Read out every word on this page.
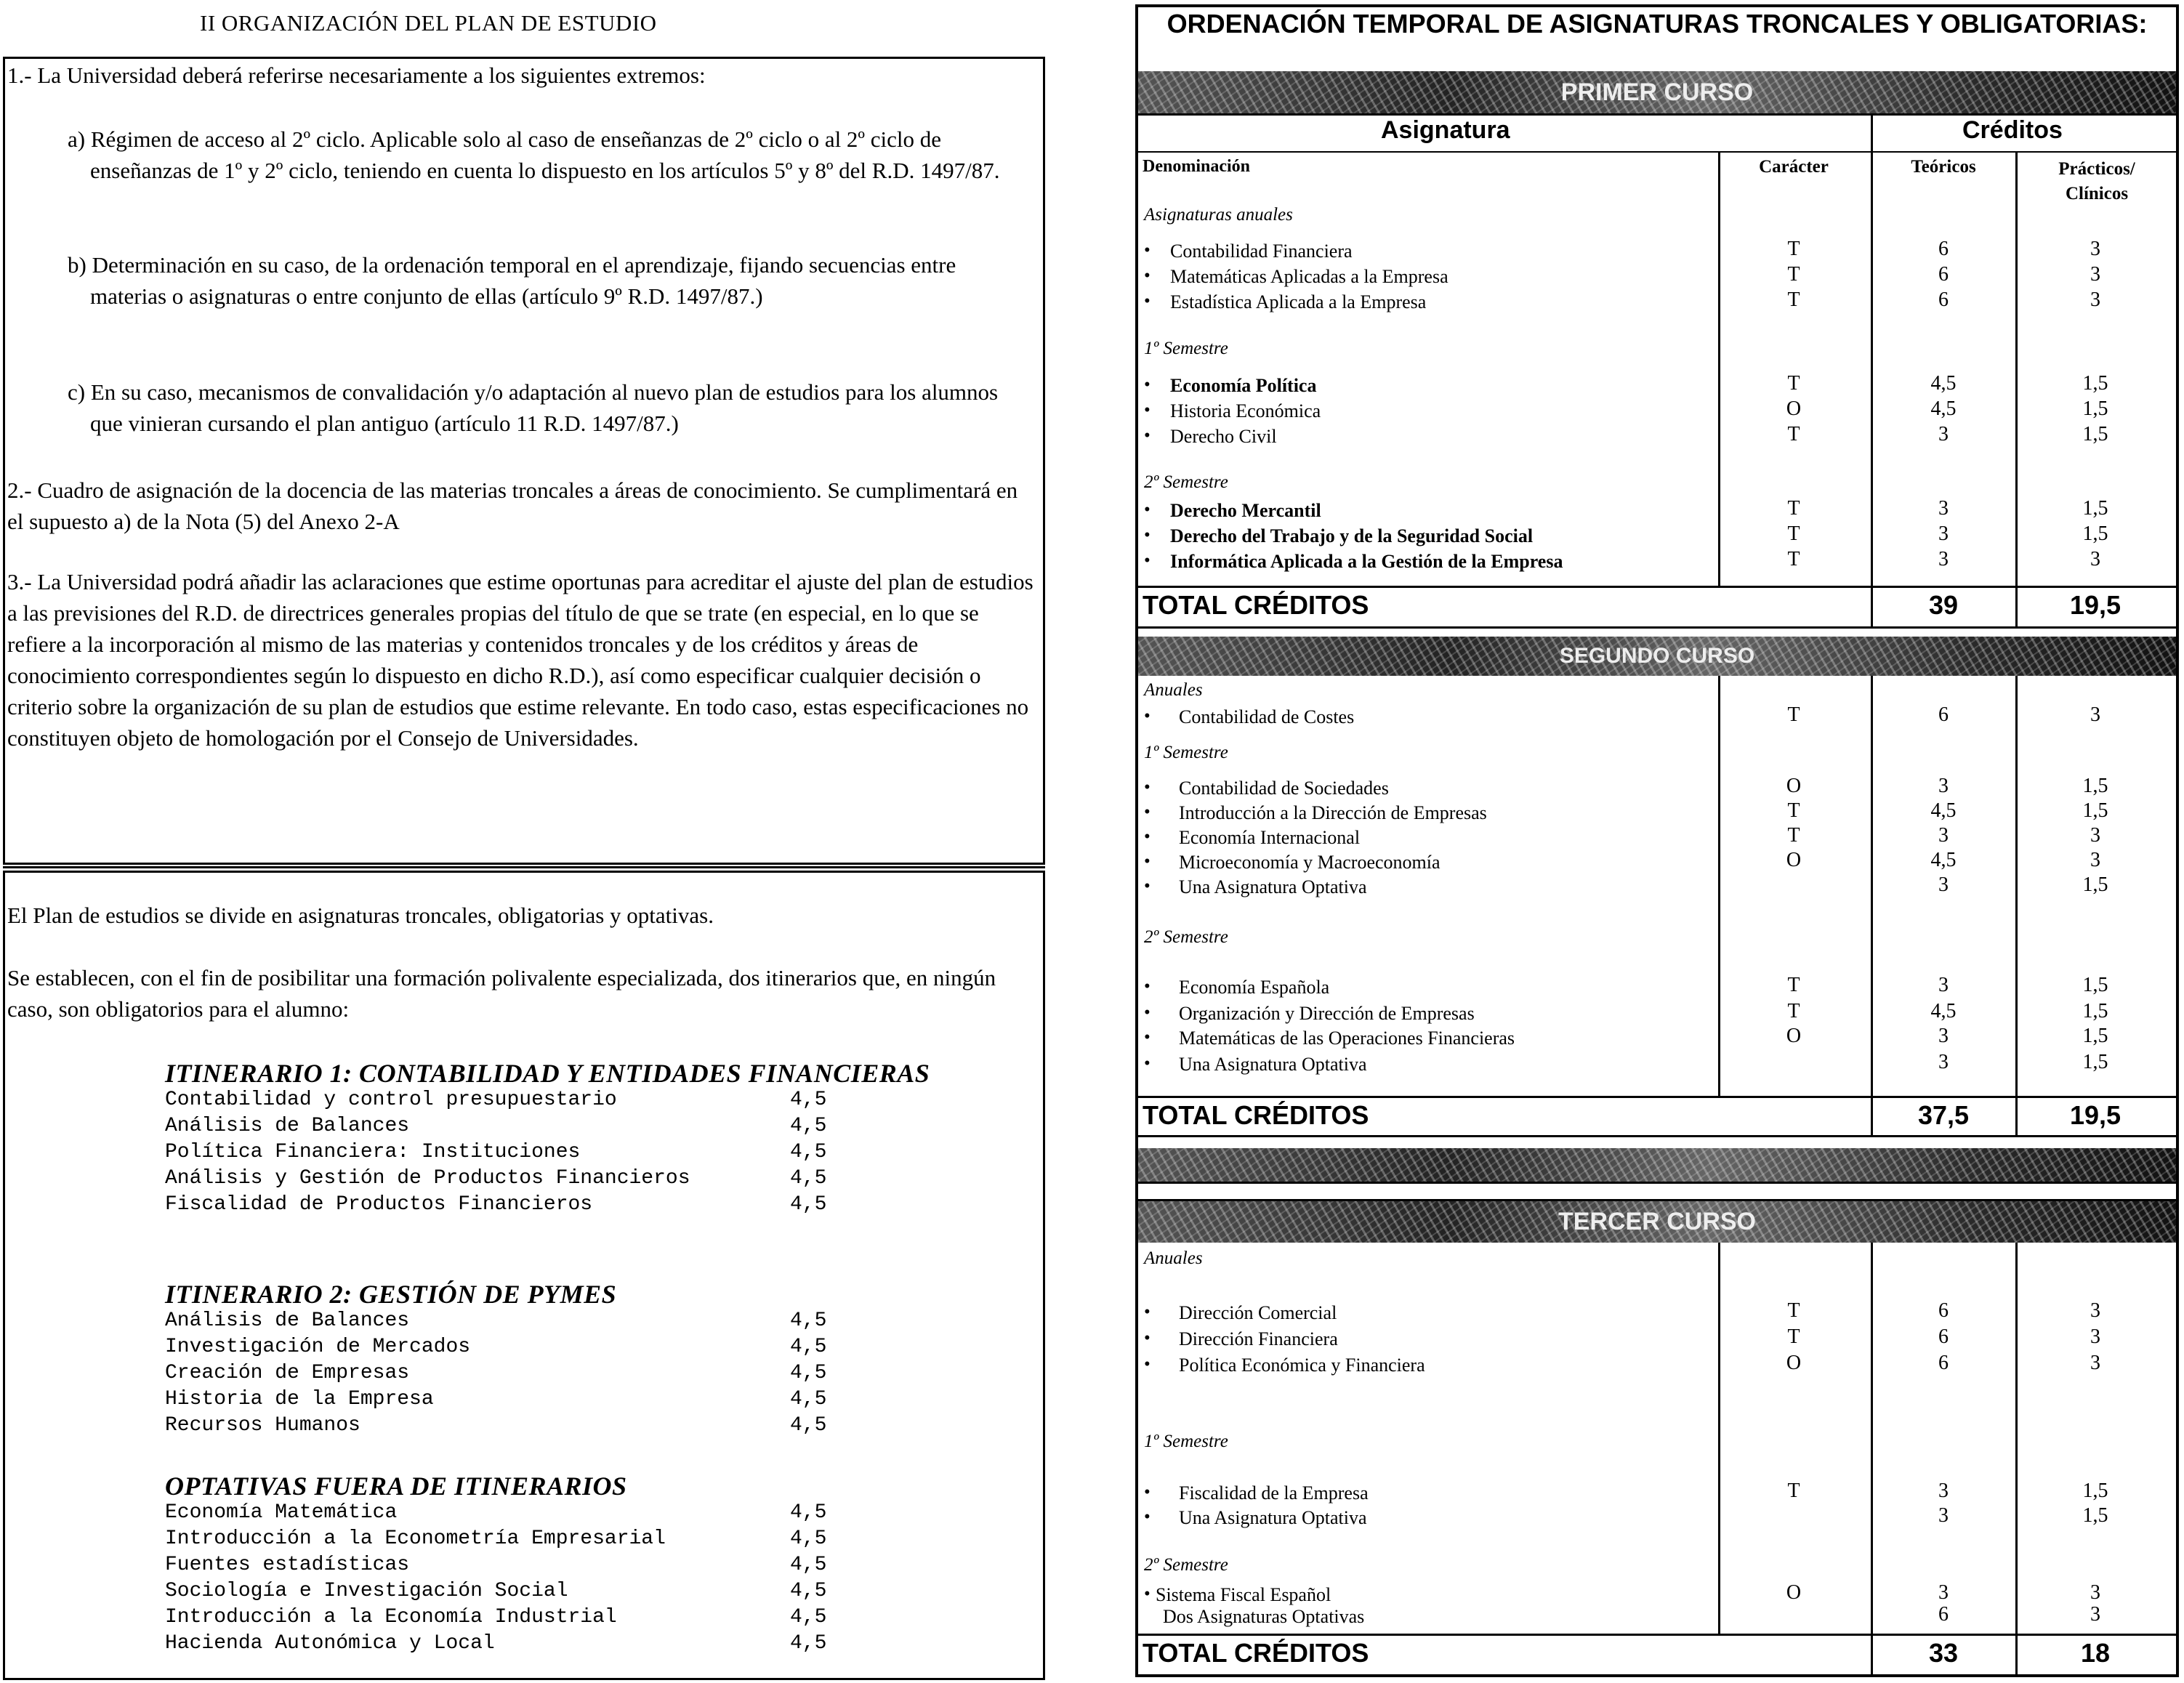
II ORGANIZACIÓN DEL PLAN DE ESTUDIO
1.- La Universidad deberá referirse necesariamente a los siguientes extremos:
a) Régimen de acceso al 2º ciclo. Aplicable solo al caso de enseñanzas de 2º ciclo o al 2º ciclo de enseñanzas de 1º y 2º ciclo, teniendo en cuenta lo dispuesto en los artículos 5º y 8º del R.D. 1497/87.
b) Determinación en su caso, de la ordenación temporal en el aprendizaje, fijando secuencias entre materias o asignaturas o entre conjunto de ellas (artículo 9º R.D. 1497/87.)
c) En su caso, mecanismos de convalidación y/o adaptación al nuevo plan de estudios para los alumnos que vinieran cursando el plan antiguo (artículo 11 R.D. 1497/87.)
2.- Cuadro de asignación de la docencia de las materias troncales a áreas de conocimiento. Se cumplimentará en el supuesto a) de la Nota (5) del Anexo 2-A
3.- La Universidad podrá añadir las aclaraciones que estime oportunas para acreditar el ajuste del plan de estudios a las previsiones del R.D. de directrices generales propias del título de que se trate (en especial, en lo que se refiere a la incorporación al mismo de las materias y contenidos troncales y de los créditos y áreas de conocimiento correspondientes según lo dispuesto en dicho R.D.), así como especificar cualquier decisión o criterio sobre la organización de su plan de estudios que estime relevante. En todo caso, estas especificaciones no constituyen objeto de homologación por el Consejo de Universidades.
El Plan de estudios se divide en asignaturas troncales, obligatorias y optativas.
Se establecen, con el fin de posibilitar una formación polivalente especializada, dos itinerarios que, en ningún caso, son obligatorios para el alumno:
ITINERARIO 1: CONTABILIDAD Y ENTIDADES FINANCIERAS
Contabilidad y control presupuestario	4,5
Análisis de Balances	4,5
Política Financiera: Instituciones	4,5
Análisis y Gestión de Productos Financieros	4,5
Fiscalidad de Productos Financieros	4,5
ITINERARIO 2: GESTIÓN DE PYMES
Análisis de Balances	4,5
Investigación de Mercados	4,5
Creación de Empresas	4,5
Historia de la Empresa	4,5
Recursos Humanos	4,5
OPTATIVAS FUERA DE ITINERARIOS
Economía Matemática	4,5
Introducción a la Econometría Empresarial	4,5
Fuentes estadísticas	4,5
Sociología e Investigación Social	4,5
Introducción a la Economía Industrial	4,5
Hacienda Autonómica y Local	4,5
ORDENACIÓN TEMPORAL DE ASIGNATURAS TRONCALES Y OBLIGATORIAS:
Asignatura	Créditos
Denominación	Carácter	Teóricos	Prácticos/ Clínicos
PRIMER CURSO
Asignaturas anuales
• Contabilidad Financiera	T	6	3
• Matemáticas Aplicadas a la Empresa	T	6	3
• Estadística Aplicada a la Empresa	T	6	3
1º Semestre
• Economía Política	T	4,5	1,5
• Historia Económica	O	4,5	1,5
• Derecho Civil	T	3	1,5
2º Semestre
• Derecho Mercantil	T	3	1,5
• Derecho del Trabajo y de la Seguridad Social	T	3	1,5
• Informática Aplicada a la Gestión de la Empresa	T	3	3
TOTAL CRÉDITOS	39	19,5
SEGUNDO CURSO
Anuales
• Contabilidad de Costes	T	6	3
1º Semestre
• Contabilidad de Sociedades	O	3	1,5
• Introducción a la Dirección de Empresas	T	4,5	1,5
• Economía Internacional	T	3	3
• Microeconomía y Macroeconomía	O	4,5	3
• Una Asignatura Optativa	3	1,5
2º Semestre
• Economía Española	T	3	1,5
• Organización y Dirección de Empresas	T	4,5	1,5
• Matemáticas de las Operaciones Financieras	O	3	1,5
• Una Asignatura Optativa	3	1,5
TOTAL CRÉDITOS	37,5	19,5
TERCER CURSO
Anuales
• Dirección Comercial	T	6	3
• Dirección Financiera	T	6	3
• Política Económica y Financiera	O	6	3
1º Semestre
• Fiscalidad de la Empresa	T	3	1,5
• Una Asignatura Optativa	3	1,5
2º Semestre
• Sistema Fiscal Español	O	3	3
Dos Asignaturas Optativas	6	3
TOTAL CRÉDITOS	33	18
